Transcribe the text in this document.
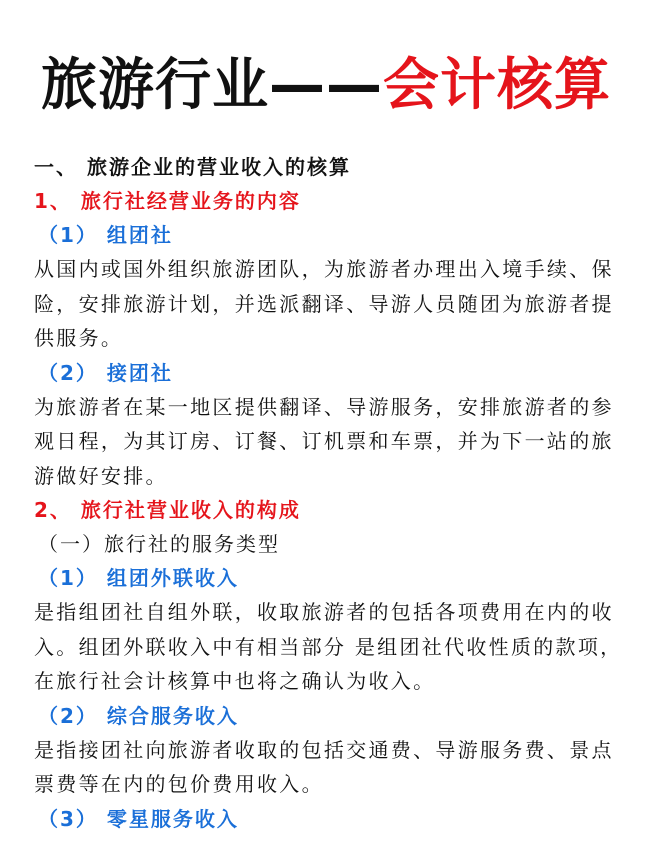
旅游行业——会计核算
一、 旅游企业的营业收入的核算
1、 旅行社经营业务的内容
（1） 组团社
从国内或国外组织旅游团队，为旅游者办理出入境手续、保险，安排旅游计划，并选派翻译、导游人员随团为旅游者提供服务。
（2） 接团社
为旅游者在某一地区提供翻译、导游服务，安排旅游者的参观日程，为其订房、订餐、订机票和车票，并为下一站的旅游做好安排。
2、 旅行社营业收入的构成
（一）旅行社的服务类型
（1） 组团外联收入
是指组团社自组外联，收取旅游者的包括各项费用在内的收入。组团外联收入中有相当部分 是组团社代收性质的款项，在旅行社会计核算中也将之确认为收入。
（2） 综合服务收入
是指接团社向旅游者收取的包括交通费、导游服务费、景点票费等在内的包价费用收入。
（3） 零星服务收入
